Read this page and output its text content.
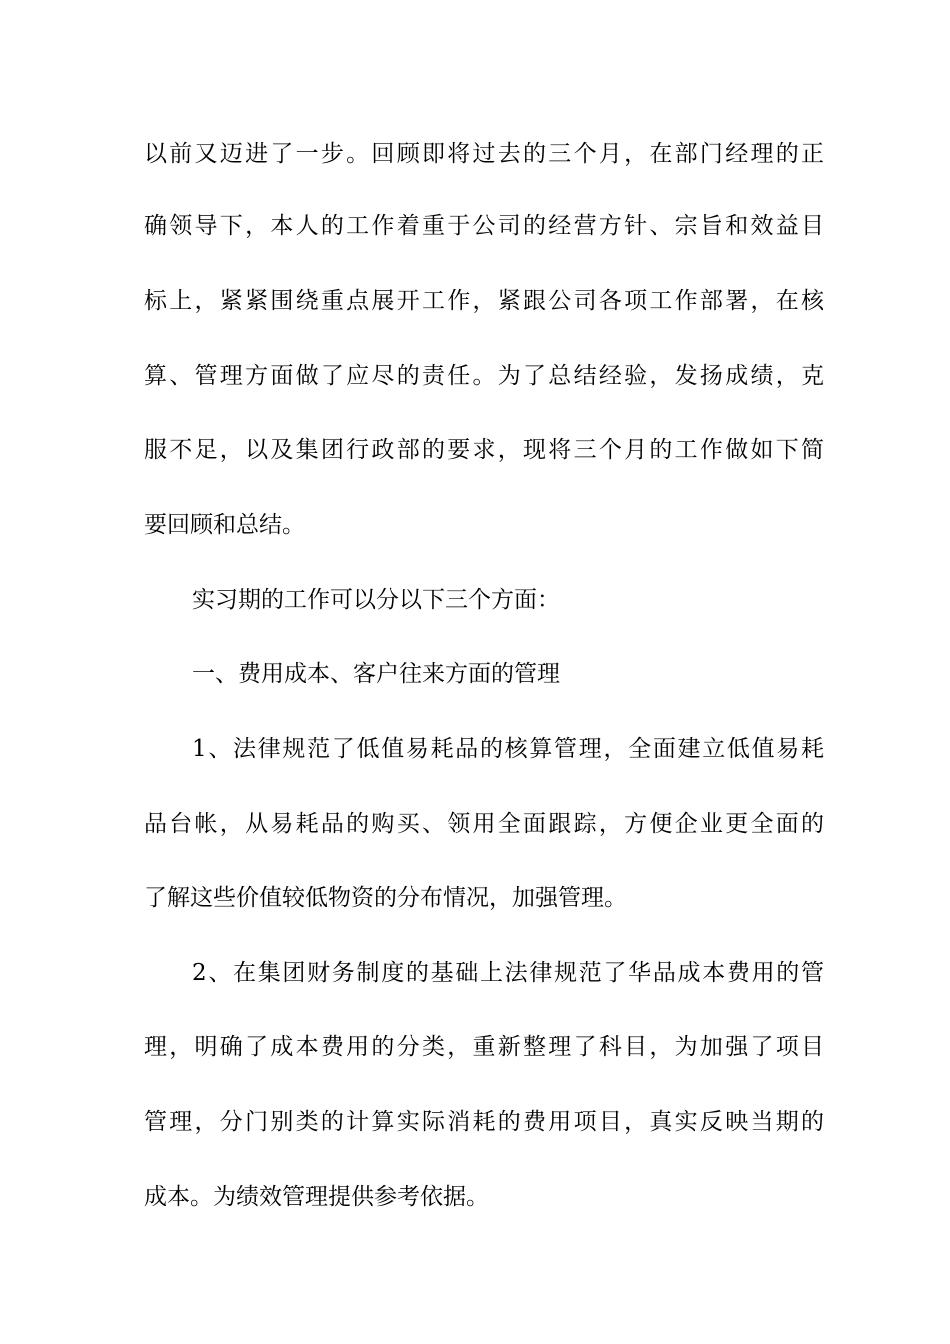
以前又迈进了一步。回顾即将过去的三个月，在部门经理的正
确领导下，本人的工作着重于公司的经营方针、宗旨和效益目
标上，紧紧围绕重点展开工作，紧跟公司各项工作部署，在核
算、管理方面做了应尽的责任。为了总结经验，发扬成绩，克
服不足，以及集团行政部的要求，现将三个月的工作做如下简
要回顾和总结。
实习期的工作可以分以下三个方面：
一、费用成本、客户往来方面的管理
1、法律规范了低值易耗品的核算管理，全面建立低值易耗
品台帐，从易耗品的购买、领用全面跟踪，方便企业更全面的
了解这些价值较低物资的分布情况，加强管理。
2、在集团财务制度的基础上法律规范了华品成本费用的管
理，明确了成本费用的分类，重新整理了科目，为加强了项目
管理，分门别类的计算实际消耗的费用项目，真实反映当期的
成本。为绩效管理提供参考依据。
